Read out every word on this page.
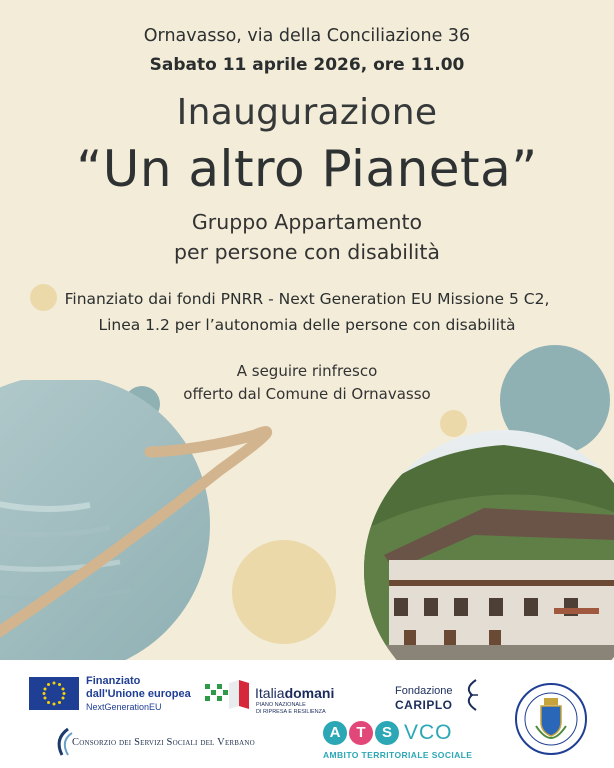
Ornavasso, via della Conciliazione 36
Sabato 11 aprile 2026, ore 11.00
Inaugurazione
“Un altro Pianeta”
Gruppo Appartamento
per persone con disabilità
Finanziato dai fondi PNRR - Next Generation EU Missione 5 C2,
Linea 1.2 per l’autonomia delle persone con disabilità
A seguire rinfresco
offerto dal Comune di Ornavasso
Finanziato
dall'Unione europea
NextGenerationEU
Italiadomani
PIANO NAZIONALE
DI RIPRESA E RESILIENZA
Fondazione
CARIPLO
Consorzio dei Servizi Sociali del Verbano
A	T	S VCO
AMBITO TERRITORIALE SOCIALE
